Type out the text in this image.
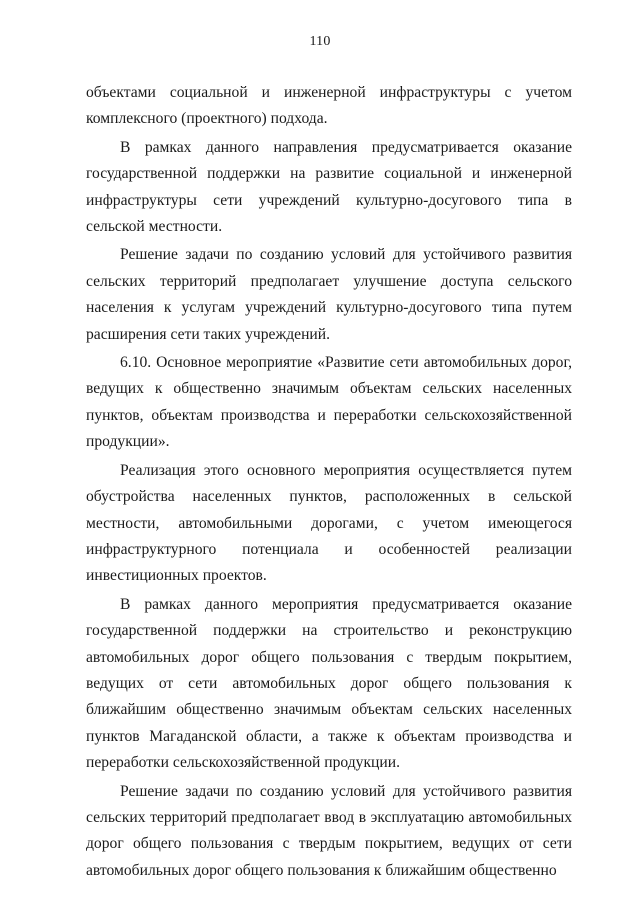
110

объектами социальной и инженерной инфраструктуры с учетом комплексного (проектного) подхода.

В рамках данного направления предусматривается оказание государственной поддержки на развитие социальной и инженерной инфраструктуры сети учреждений культурно-досугового типа в сельской местности.

Решение задачи по созданию условий для устойчивого развития сельских территорий предполагает улучшение доступа сельского населения к услугам учреждений культурно-досугового типа путем расширения сети таких учреждений.

6.10. Основное мероприятие «Развитие сети автомобильных дорог, ведущих к общественно значимым объектам сельских населенных пунктов, объектам производства и переработки сельскохозяйственной продукции».

Реализация этого основного мероприятия осуществляется путем обустройства населенных пунктов, расположенных в сельской местности, автомобильными дорогами, с учетом имеющегося инфраструктурного потенциала и особенностей реализации инвестиционных проектов.

В рамках данного мероприятия предусматривается оказание государственной поддержки на строительство и реконструкцию автомобильных дорог общего пользования с твердым покрытием, ведущих от сети автомобильных дорог общего пользования к ближайшим общественно значимым объектам сельских населенных пунктов Магаданской области, а также к объектам производства и переработки сельскохозяйственной продукции.

Решение задачи по созданию условий для устойчивого развития сельских территорий предполагает ввод в эксплуатацию автомобильных дорог общего пользования с твердым покрытием, ведущих от сети автомобильных дорог общего пользования к ближайшим общественно
